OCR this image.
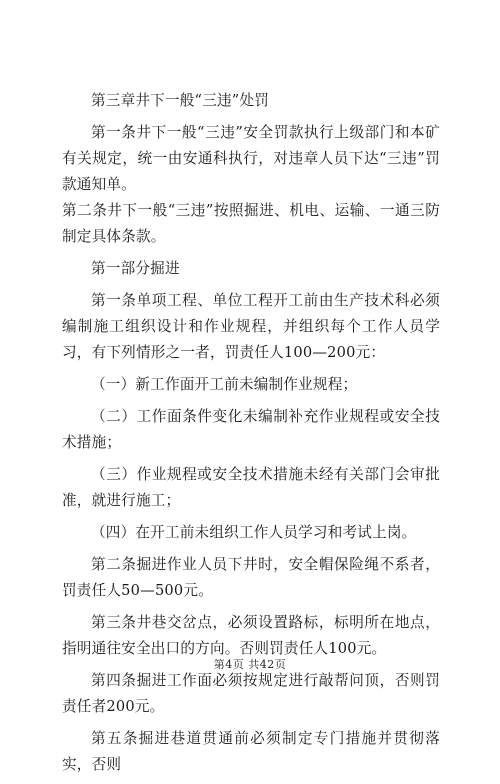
第三章井下一般“三违”处罚

第一条井下一般“三违”安全罚款执行上级部门和本矿有关规定，统一由安通科执行，对违章人员下达“三违”罚款通知单。

第二条井下一般“三违”按照掘进、机电、运输、一通三防制定具体条款。

第一部分掘进

第一条单项工程、单位工程开工前由生产技术科必须编制施工组织设计和作业规程，并组织每个工作人员学习，有下列情形之一者，罚责任人100—200元：

（一）新工作面开工前未编制作业规程；

（二）工作面条件变化未编制补充作业规程或安全技术措施；

（三）作业规程或安全技术措施未经有关部门会审批准，就进行施工；

（四）在开工前未组织工作人员学习和考试上岗。

第二条掘进作业人员下井时，安全帽保险绳不系者，罚责任人50—500元。

第三条井巷交岔点，必须设置路标，标明所在地点，指明通往安全出口的方向。否则罚责任人100元。

第四条掘进工作面必须按规定进行敲帮问顶，否则罚责任者200元。

第五条掘进巷道贯通前必须制定专门措施并贯彻落实，否则

第4页 共42页
